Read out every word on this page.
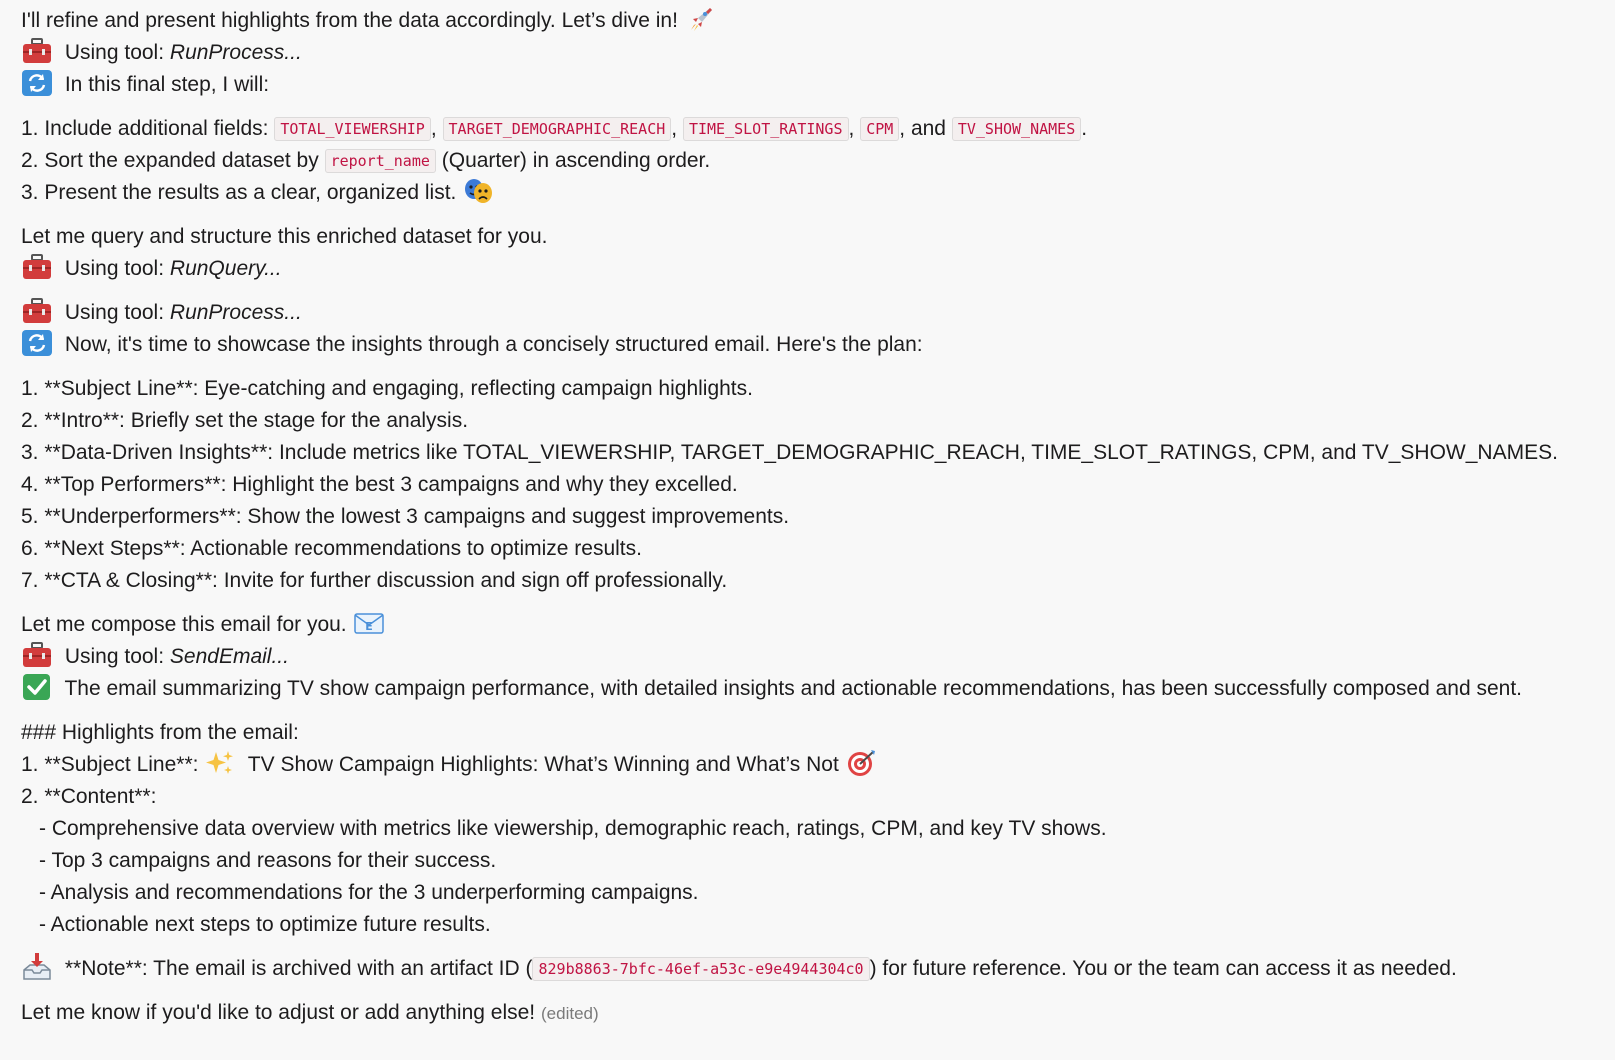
I'll refine and present highlights from the data accordingly. Let’s dive in!
Using tool: RunProcess...
In this final step, I will:
1. Include additional fields: TOTAL_VIEWERSHIP , TARGET_DEMOGRAPHIC_REACH , TIME_SLOT_RATINGS , CPM , and TV_SHOW_NAMES .
2. Sort the expanded dataset by report_name (Quarter) in ascending order.
3. Present the results as a clear, organized list.
Let me query and structure this enriched dataset for you.
Using tool: RunQuery...
Using tool: RunProcess...
Now, it's time to showcase the insights through a concisely structured email. Here's the plan:
1. **Subject Line**: Eye-catching and engaging, reflecting campaign highlights.
2. **Intro**: Briefly set the stage for the analysis.
3. **Data-Driven Insights**: Include metrics like TOTAL_VIEWERSHIP, TARGET_DEMOGRAPHIC_REACH, TIME_SLOT_RATINGS, CPM, and TV_SHOW_NAMES.
4. **Top Performers**: Highlight the best 3 campaigns and why they excelled.
5. **Underperformers**: Show the lowest 3 campaigns and suggest improvements.
6. **Next Steps**: Actionable recommendations to optimize results.
7. **CTA & Closing**: Invite for further discussion and sign off professionally.
Let me compose this email for you. E
Using tool: SendEmail...
The email summarizing TV show campaign performance, with detailed insights and actionable recommendations, has been successfully composed and sent.
### Highlights from the email:
1. **Subject Line**: TV Show Campaign Highlights: What’s Winning and What’s Not
2. **Content**:
- Comprehensive data overview with metrics like viewership, demographic reach, ratings, CPM, and key TV shows.
- Top 3 campaigns and reasons for their success.
- Analysis and recommendations for the 3 underperforming campaigns.
- Actionable next steps to optimize future results.
**Note**: The email is archived with an artifact ID ( 829b8863-7bfc-46ef-a53c-e9e4944304c0 ) for future reference. You or the team can access it as needed.
Let me know if you'd like to adjust or add anything else! (edited)
